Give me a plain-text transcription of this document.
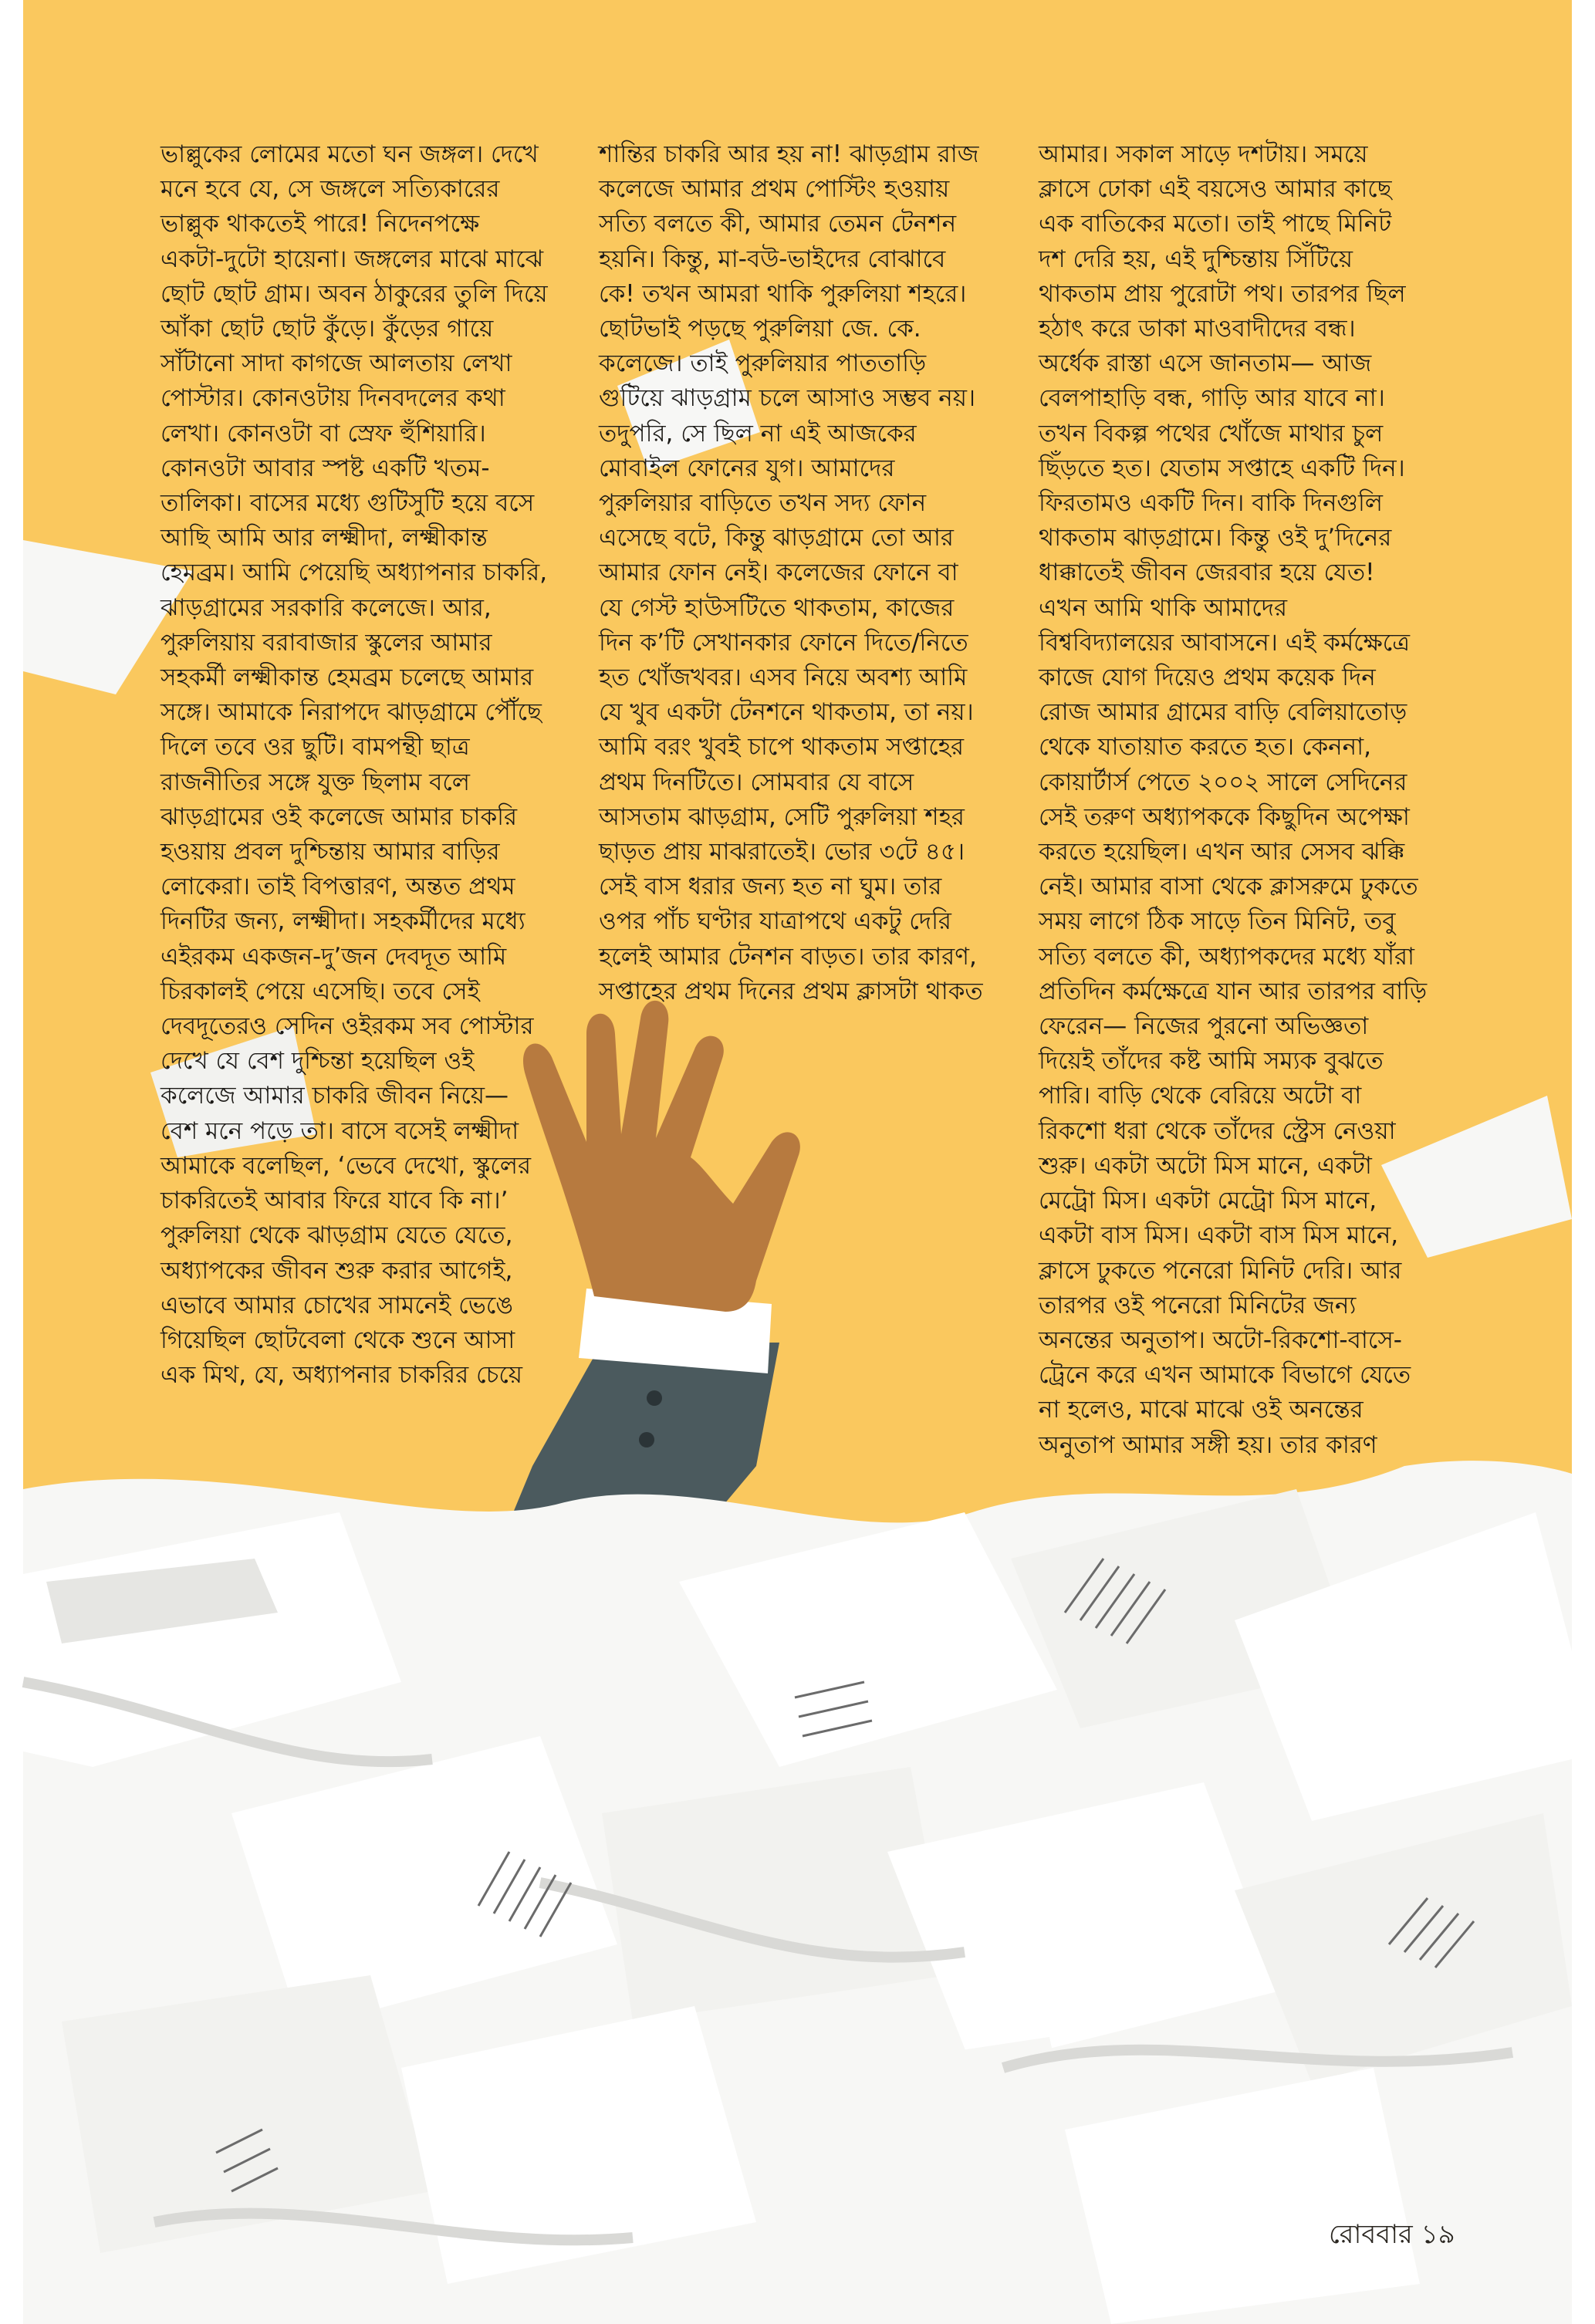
ভাল্লুকের লোমের মতো ঘন জঙ্গল। দেখে
মনে হবে যে, সে জঙ্গলে সত্যিকারের
ভাল্লুক থাকতেই পারে! নিদেনপক্ষে
একটা-দুটো হায়েনা। জঙ্গলের মাঝে মাঝে
ছোট ছোট গ্রাম। অবন ঠাকুরের তুলি দিয়ে
আঁকা ছোট ছোট কুঁড়ে। কুঁড়ের গায়ে
সাঁটানো সাদা কাগজে আলতায় লেখা
পোস্টার। কোনওটায় দিনবদলের কথা
লেখা। কোনওটা বা স্রেফ হুঁশিয়ারি।
কোনওটা আবার স্পষ্ট একটি খতম-
তালিকা। বাসের মধ্যে গুটিসুটি হয়ে বসে
আছি আমি আর লক্ষ্মীদা, লক্ষ্মীকান্ত
হেমব্রম। আমি পেয়েছি অধ্যাপনার চাকরি,
ঝাড়গ্রামের সরকারি কলেজে। আর,
পুরুলিয়ায় বরাবাজার স্কুলের আমার
সহকর্মী লক্ষ্মীকান্ত হেমব্রম চলেছে আমার
সঙ্গে। আমাকে নিরাপদে ঝাড়গ্রামে পৌঁছে
দিলে তবে ওর ছুটি। বামপন্থী ছাত্র
রাজনীতির সঙ্গে যুক্ত ছিলাম বলে
ঝাড়গ্রামের ওই কলেজে আমার চাকরি
হওয়ায় প্রবল দুশ্চিন্তায় আমার বাড়ির
লোকেরা। তাই বিপত্তারণ, অন্তত প্রথম
দিনটির জন্য, লক্ষ্মীদা। সহকর্মীদের মধ্যে
এইরকম একজন-দু’জন দেবদূত আমি
চিরকালই পেয়ে এসেছি। তবে সেই
দেবদূতেরও সেদিন ওইরকম সব পোস্টার
দেখে যে বেশ দুশ্চিন্তা হয়েছিল ওই
কলেজে আমার চাকরি জীবন নিয়ে—
বেশ মনে পড়ে তা। বাসে বসেই লক্ষ্মীদা
আমাকে বলেছিল, ‘ভেবে দেখো, স্কুলের
চাকরিতেই আবার ফিরে যাবে কি না।’
পুরুলিয়া থেকে ঝাড়গ্রাম যেতে যেতে,
অধ্যাপকের জীবন শুরু করার আগেই,
এভাবে আমার চোখের সামনেই ভেঙে
গিয়েছিল ছোটবেলা থেকে শুনে আসা
এক মিথ, যে, অধ্যাপনার চাকরির চেয়ে
শান্তির চাকরি আর হয় না! ঝাড়গ্রাম রাজ
কলেজে আমার প্রথম পোস্টিং হওয়ায়
সত্যি বলতে কী, আমার তেমন টেনশন
হয়নি। কিন্তু, মা-বউ-ভাইদের বোঝাবে
কে! তখন আমরা থাকি পুরুলিয়া শহরে।
ছোটভাই পড়ছে পুরুলিয়া জে. কে.
কলেজে। তাই পুরুলিয়ার পাততাড়ি
গুটিয়ে ঝাড়গ্রাম চলে আসাও সম্ভব নয়।
তদুপরি, সে ছিল না এই আজকের
মোবাইল ফোনের যুগ। আমাদের
পুরুলিয়ার বাড়িতে তখন সদ্য ফোন
এসেছে বটে, কিন্তু ঝাড়গ্রামে তো আর
আমার ফোন নেই। কলেজের ফোনে বা
যে গেস্ট হাউসটিতে থাকতাম, কাজের
দিন ক’টি সেখানকার ফোনে দিতে/নিতে
হত খোঁজখবর। এসব নিয়ে অবশ্য আমি
যে খুব একটা টেনশনে থাকতাম, তা নয়।
আমি বরং খুবই চাপে থাকতাম সপ্তাহের
প্রথম দিনটিতে। সোমবার যে বাসে
আসতাম ঝাড়গ্রাম, সেটি পুরুলিয়া শহর
ছাড়ত প্রায় মাঝরাতেই। ভোর ৩টে ৪৫।
সেই বাস ধরার জন্য হত না ঘুম। তার
ওপর পাঁচ ঘণ্টার যাত্রাপথে একটু দেরি
হলেই আমার টেনশন বাড়ত। তার কারণ,
সপ্তাহের প্রথম দিনের প্রথম ক্লাসটা থাকত
আমার। সকাল সাড়ে দশটায়। সময়ে
ক্লাসে ঢোকা এই বয়সেও আমার কাছে
এক বাতিকের মতো। তাই পাছে মিনিট
দশ দেরি হয়, এই দুশ্চিন্তায় সিঁটিয়ে
থাকতাম প্রায় পুরোটা পথ। তারপর ছিল
হঠাৎ করে ডাকা মাওবাদীদের বন্ধ।
অর্ধেক রাস্তা এসে জানতাম— আজ
বেলপাহাড়ি বন্ধ, গাড়ি আর যাবে না।
তখন বিকল্প পথের খোঁজে মাথার চুল
ছিঁড়তে হত। যেতাম সপ্তাহে একটি দিন।
ফিরতামও একটি দিন। বাকি দিনগুলি
থাকতাম ঝাড়গ্রামে। কিন্তু ওই দু’দিনের
ধাক্কাতেই জীবন জেরবার হয়ে যেত!
এখন আমি থাকি আমাদের
বিশ্ববিদ্যালয়ের আবাসনে। এই কর্মক্ষেত্রে
কাজে যোগ দিয়েও প্রথম কয়েক দিন
রোজ আমার গ্রামের বাড়ি বেলিয়াতোড়
থেকে যাতায়াত করতে হত। কেননা,
কোয়ার্টার্স পেতে ২০০২ সালে সেদিনের
সেই তরুণ অধ্যাপককে কিছুদিন অপেক্ষা
করতে হয়েছিল। এখন আর সেসব ঝক্কি
নেই। আমার বাসা থেকে ক্লাসরুমে ঢুকতে
সময় লাগে ঠিক সাড়ে তিন মিনিট, তবু
সত্যি বলতে কী, অধ্যাপকদের মধ্যে যাঁরা
প্রতিদিন কর্মক্ষেত্রে যান আর তারপর বাড়ি
ফেরেন— নিজের পুরনো অভিজ্ঞতা
দিয়েই তাঁদের কষ্ট আমি সম্যক বুঝতে
পারি। বাড়ি থেকে বেরিয়ে অটো বা
রিকশো ধরা থেকে তাঁদের স্ট্রেস নেওয়া
শুরু। একটা অটো মিস মানে, একটা
মেট্রো মিস। একটা মেট্রো মিস মানে,
একটা বাস মিস। একটা বাস মিস মানে,
ক্লাসে ঢুকতে পনেরো মিনিট দেরি। আর
তারপর ওই পনেরো মিনিটের জন্য
অনন্তের অনুতাপ। অটো-রিকশো-বাসে-
ট্রেনে করে এখন আমাকে বিভাগে যেতে
না হলেও, মাঝে মাঝে ওই অনন্তের
অনুতাপ আমার সঙ্গী হয়। তার কারণ
রোববার ১৯
